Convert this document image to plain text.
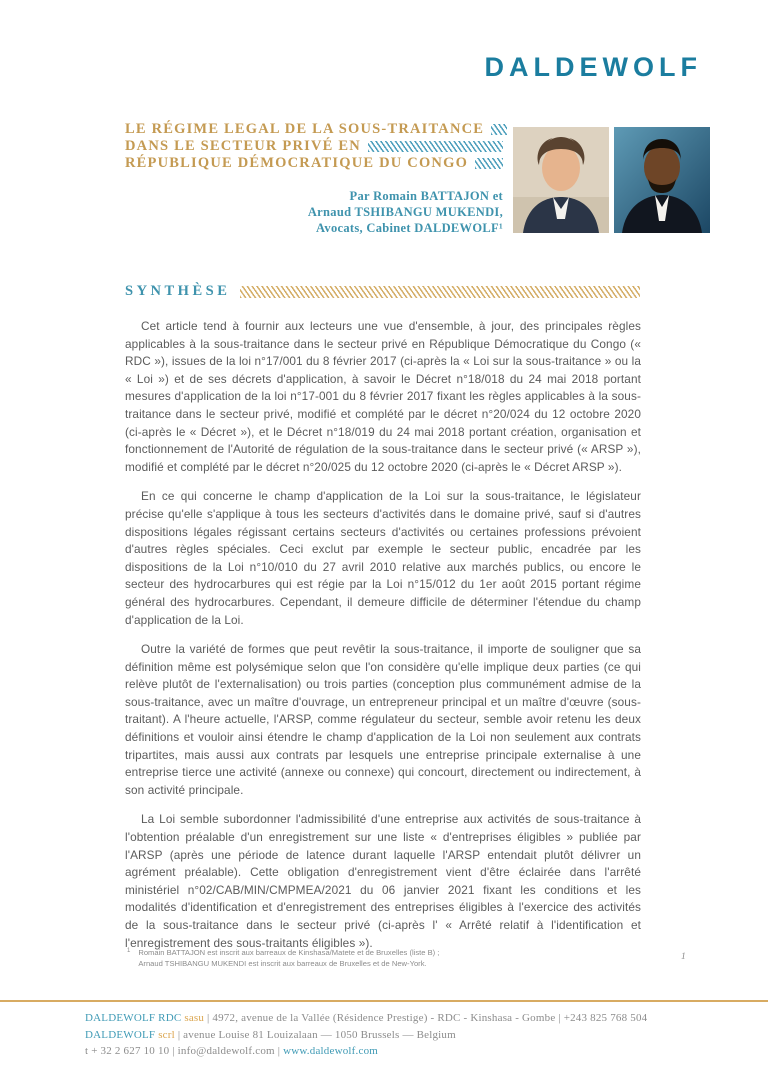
DALDEWOLF
LE RÉGIME LEGAL DE LA SOUS-TRAITANCE
DANS LE SECTEUR PRIVÉ EN
RÉPUBLIQUE DÉMOCRATIQUE DU CONGO
Par Romain BATTAJON et
Arnaud TSHIBANGU MUKENDI,
Avocats, Cabinet DALDEWOLF¹
SYNTHÈSE

Cet article tend à fournir aux lecteurs une vue d'ensemble, à jour, des principales règles applicables à la sous-traitance dans le secteur privé en République Démocratique du Congo (« RDC »), issues de la loi n°17/001 du 8 février 2017 (ci-après la « Loi sur la sous-traitance » ou la « Loi ») et de ses décrets d'application, à savoir le Décret n°18/018 du 24 mai 2018 portant mesures d'application de la loi n°17-001 du 8 février 2017 fixant les règles applicables à la sous-traitance dans le secteur privé, modifié et complété par le décret n°20/024 du 12 octobre 2020 (ci-après le « Décret »), et le Décret n°18/019 du 24 mai 2018 portant création, organisation et fonctionnement de l'Autorité de régulation de la sous-traitance dans le secteur privé (« ARSP »), modifié et complété par le décret n°20/025 du 12 octobre 2020 (ci-après le « Décret ARSP »).

En ce qui concerne le champ d'application de la Loi sur la sous-traitance, le législateur précise qu'elle s'applique à tous les secteurs d'activités dans le domaine privé, sauf si d'autres dispositions légales régissant certains secteurs d'activités ou certaines professions prévoient d'autres règles spéciales. Ceci exclut par exemple le secteur public, encadrée par les dispositions de la Loi n°10/010 du 27 avril 2010 relative aux marchés publics, ou encore le secteur des hydrocarbures qui est régie par la Loi n°15/012 du 1er août 2015 portant régime général des hydrocarbures. Cependant, il demeure difficile de déterminer l'étendue du champ d'application de la Loi.

Outre la variété de formes que peut revêtir la sous-traitance, il importe de souligner que sa définition même est polysémique selon que l'on considère qu'elle implique deux parties (ce qui relève plutôt de l'externalisation) ou trois parties (conception plus communément admise de la sous-traitance, avec un maître d'ouvrage, un entrepreneur principal et un maître d'œuvre (sous-traitant). A l'heure actuelle, l'ARSP, comme régulateur du secteur, semble avoir retenu les deux définitions et vouloir ainsi étendre le champ d'application de la Loi non seulement aux contrats tripartites, mais aussi aux contrats par lesquels une entreprise principale externalise à une entreprise tierce une activité (annexe ou connexe) qui concourt, directement ou indirectement, à son activité principale.

La Loi semble subordonner l'admissibilité d'une entreprise aux activités de sous-traitance à l'obtention préalable d'un enregistrement sur une liste « d'entreprises éligibles » publiée par l'ARSP (après une période de latence durant laquelle l'ARSP entendait plutôt délivrer un agrément préalable). Cette obligation d'enregistrement vient d'être éclairée dans l'arrêté ministériel n°02/CAB/MIN/CMPMEA/2021 du 06 janvier 2021 fixant les conditions et les modalités d'identification et d'enregistrement des entreprises éligibles à l'exercice des activités de la sous-traitance dans le secteur privé (ci-après l' « Arrêté relatif à l'identification et l'enregistrement des sous-traitants éligibles »).

1 Romain BATTAJON est inscrit aux barreaux de Kinshasa/Matete et de Bruxelles (liste B) ;
Arnaud TSHIBANGU MUKENDI est inscrit aux barreaux de Bruxelles et de New-York.
1
DALDEWOLF RDC sasu | 4972, avenue de la Vallée (Résidence Prestige) - RDC - Kinshasa - Gombe | +243 825 768 504
DALDEWOLF scrl | avenue Louise 81 Louizalaan — 1050 Brussels — Belgium
t + 32 2 627 10 10 | info@daldewolf.com | www.daldewolf.com
